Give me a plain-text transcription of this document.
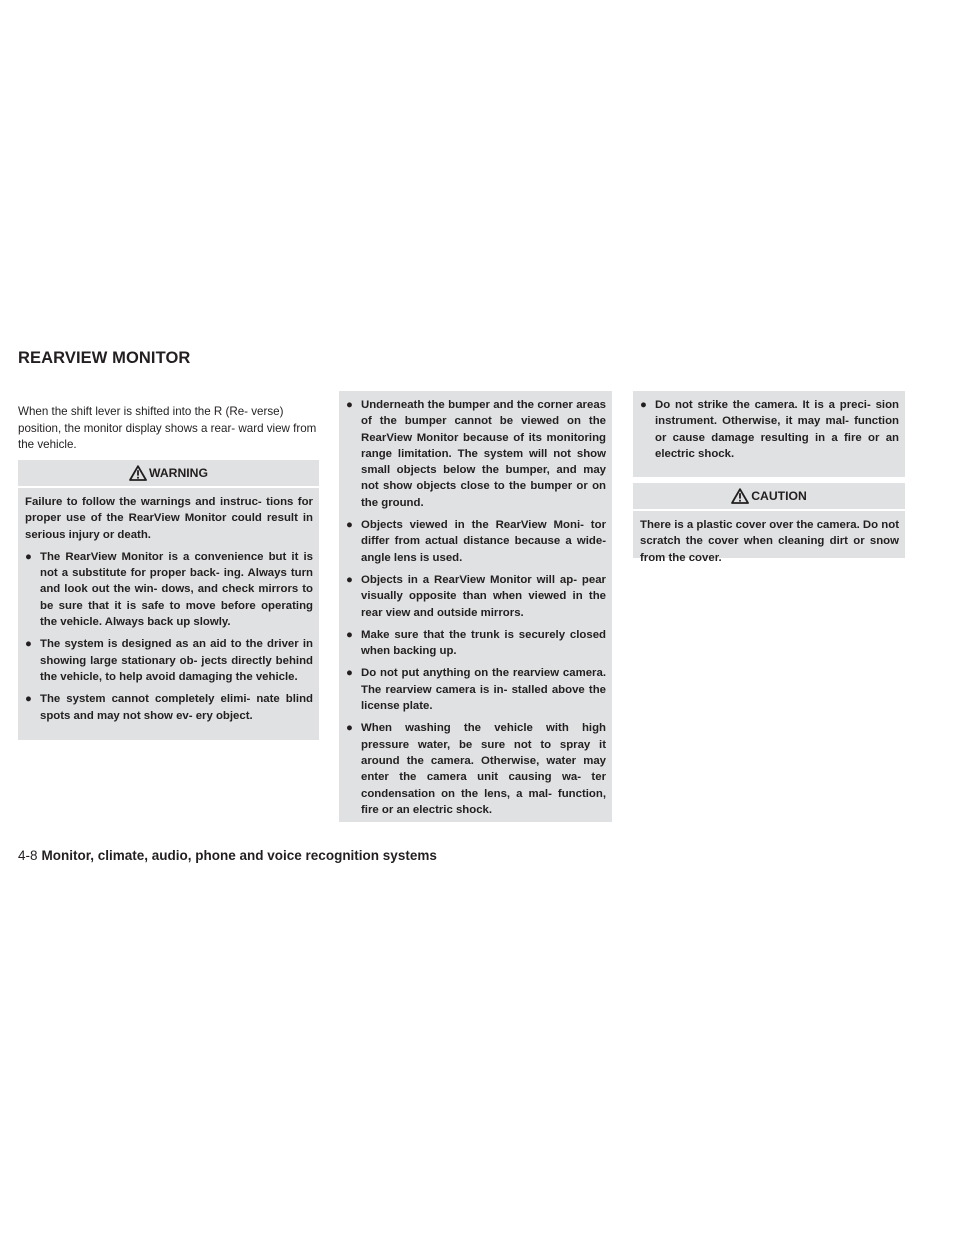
REARVIEW MONITOR

When the shift lever is shifted into the R (Re- verse) position, the monitor display shows a rear- ward view from the vehicle.

WARNING

Failure to follow the warnings and instruc- tions for proper use of the RearView Monitor could result in serious injury or death.

● The RearView Monitor is a convenience but it is not a substitute for proper back- ing. Always turn and look out the win- dows, and check mirrors to be sure that it is safe to move before operating the vehicle. Always back up slowly.
● The system is designed as an aid to the driver in showing large stationary ob- jects directly behind the vehicle, to help avoid damaging the vehicle.
● The system cannot completely elimi- nate blind spots and may not show ev- ery object.
● Underneath the bumper and the corner areas of the bumper cannot be viewed on the RearView Monitor because of its monitoring range limitation. The system will not show small objects below the bumper, and may not show objects close to the bumper or on the ground.
● Objects viewed in the RearView Moni- tor differ from actual distance because a wide-angle lens is used.
● Objects in a RearView Monitor will ap- pear visually opposite than when viewed in the rear view and outside mirrors.
● Make sure that the trunk is securely closed when backing up.
● Do not put anything on the rearview camera. The rearview camera is in- stalled above the license plate.
● When washing the vehicle with high pressure water, be sure not to spray it around the camera. Otherwise, water may enter the camera unit causing wa- ter condensation on the lens, a mal- function, fire or an electric shock.
● Do not strike the camera. It is a preci- sion instrument. Otherwise, it may mal- function or cause damage resulting in a fire or an electric shock.
CAUTION

There is a plastic cover over the camera. Do not scratch the cover when cleaning dirt or snow from the cover.

4-8 Monitor, climate, audio, phone and voice recognition systems
